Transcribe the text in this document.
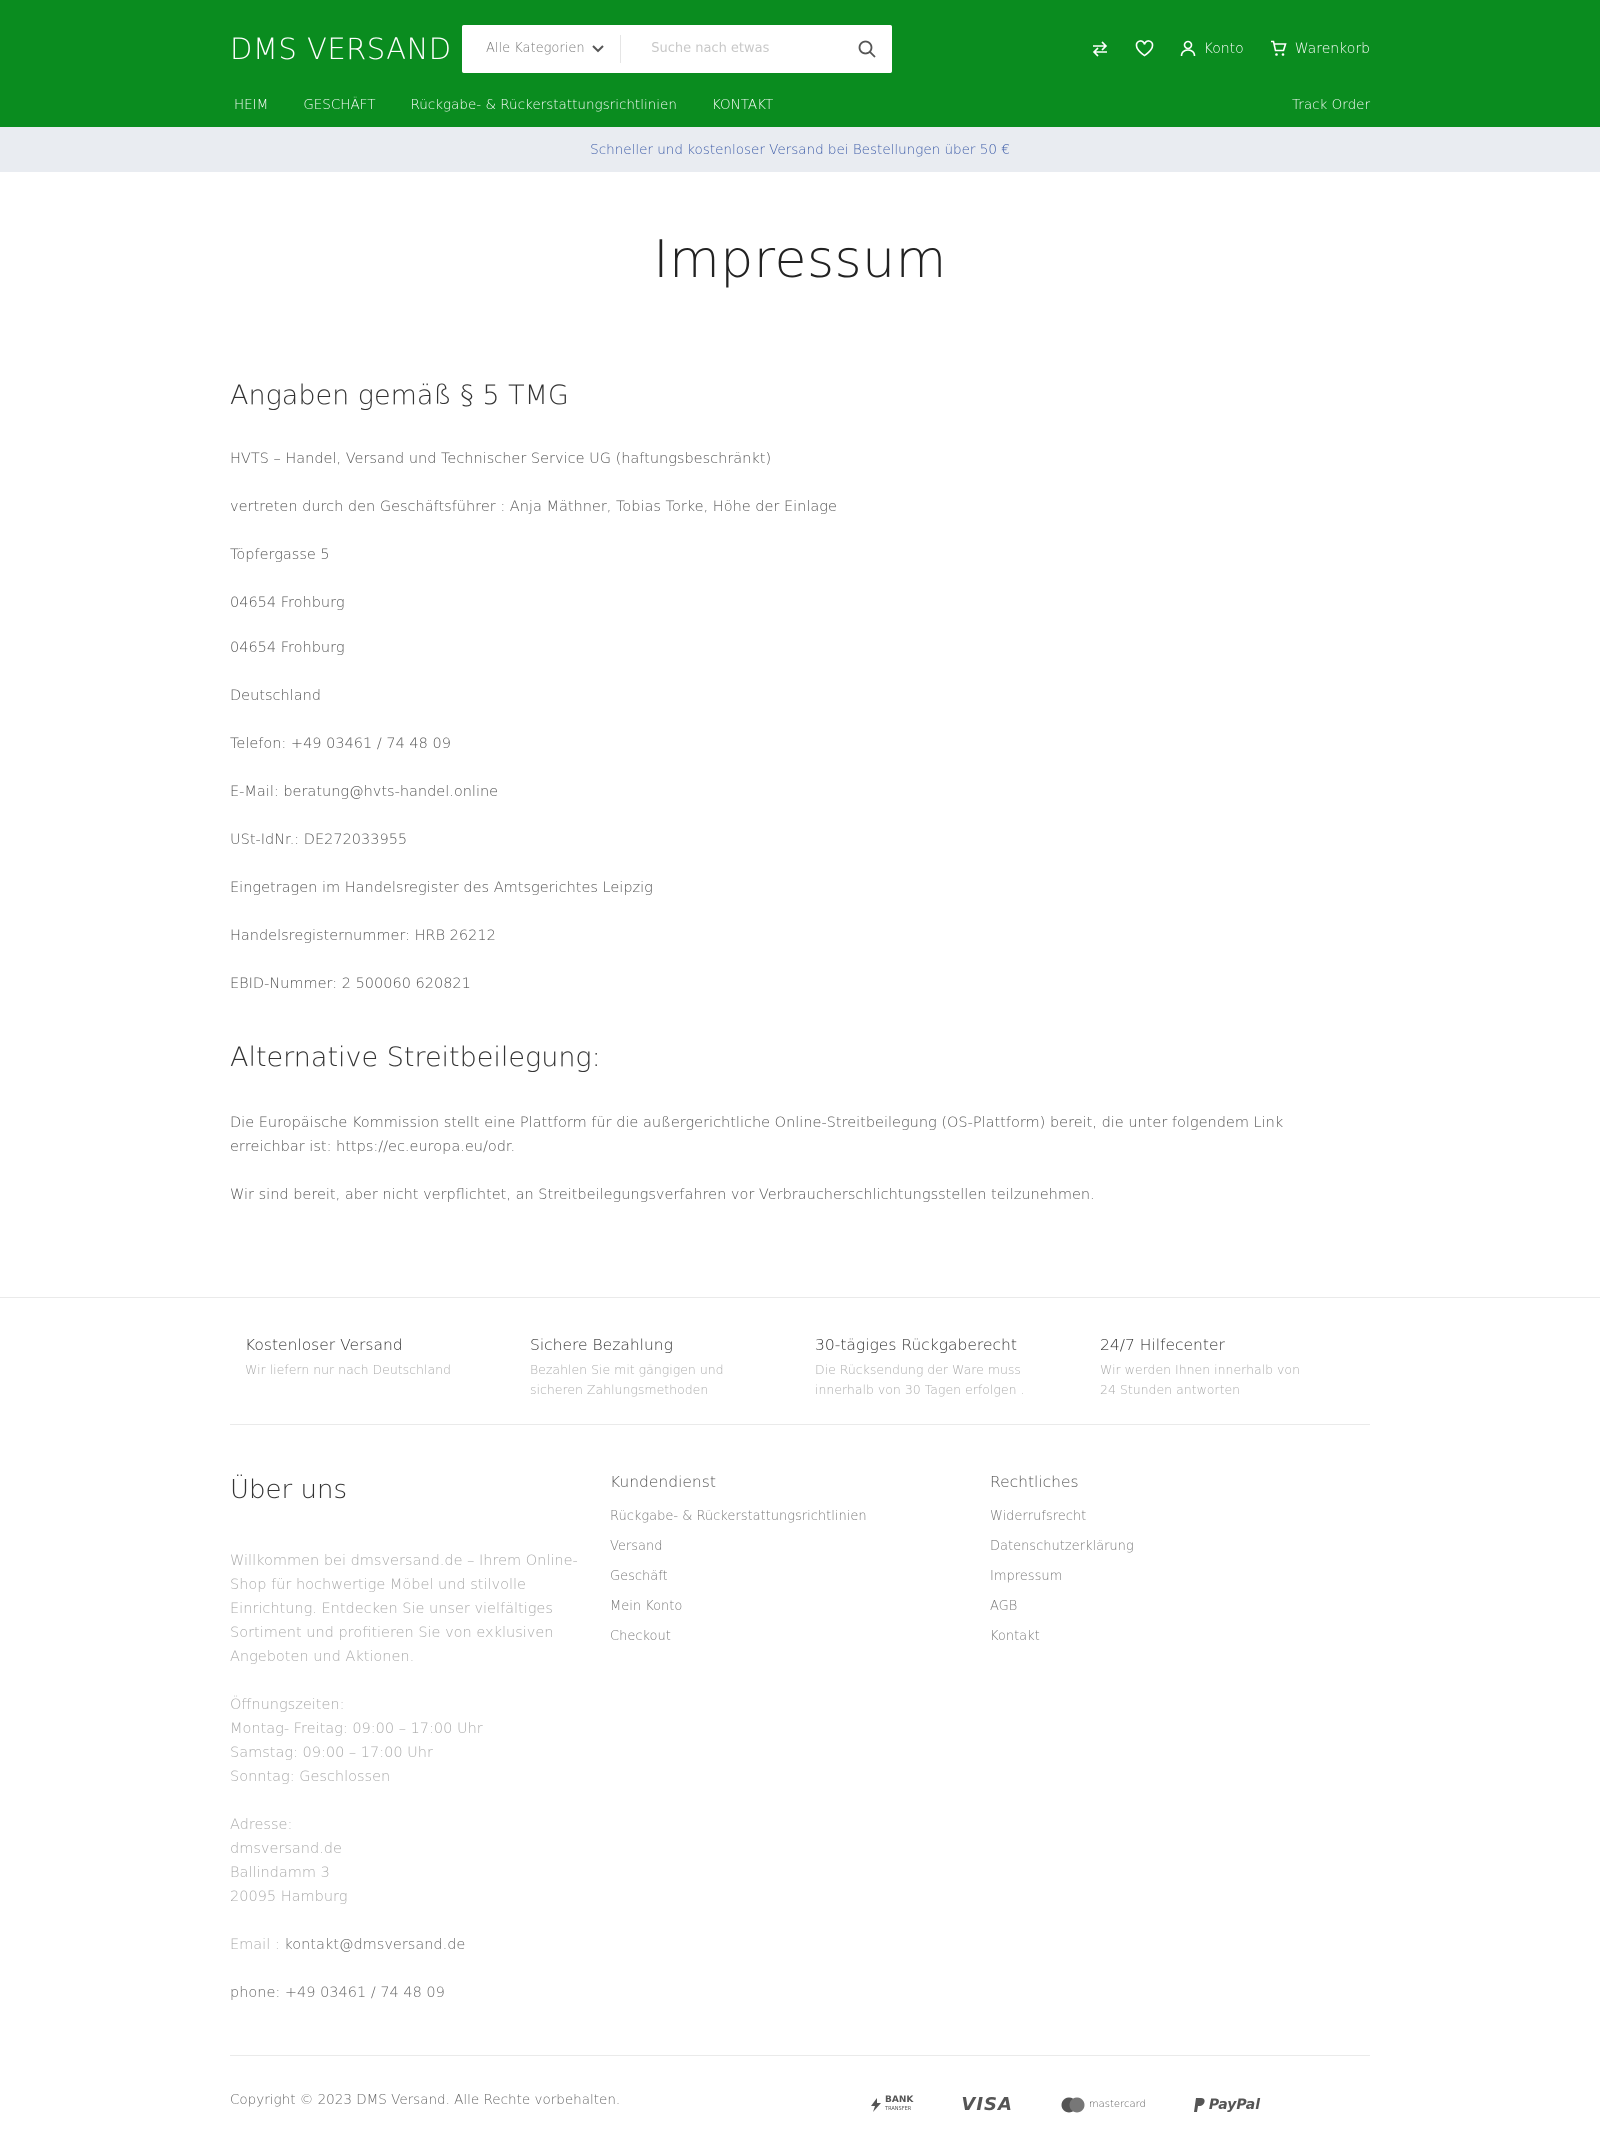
DMS VERSAND	Alle Kategorien
Suche nach etwas	Konto	Warenkorb
HEIM	GESCHÄFT	Rückgabe- & Rückerstattungsrichtlinien	KONTAKT	Track Order
Schneller und kostenloser Versand bei Bestellungen über 50 €
Impressum
Angaben gemäß § 5 TMG

HVTS – Handel, Versand und Technischer Service UG (haftungsbeschränkt)

vertreten durch den Geschäftsführer : Anja Mäthner, Tobias Torke, Höhe der Einlage

Töpfergasse 5

04654 Frohburg

04654 Frohburg

Deutschland

Telefon: +49 03461 / 74 48 09

E-Mail: beratung@hvts-handel.online

USt-IdNr.: DE272033955

Eingetragen im Handelsregister des Amtsgerichtes Leipzig

Handelsregisternummer: HRB 26212

EBID-Nummer: 2 500060 620821

Alternative Streitbeilegung:

Die Europäische Kommission stellt eine Plattform für die außergerichtliche Online-Streitbeilegung (OS-Plattform) bereit, die unter folgendem Link erreichbar ist: https://ec.europa.eu/odr.

Wir sind bereit, aber nicht verpflichtet, an Streitbeilegungsverfahren vor Verbraucherschlichtungsstellen teilzunehmen.

Kostenloser Versand
Wir liefern nur nach Deutschland
Sichere Bezahlung
Bezahlen Sie mit gängigen und sicheren Zahlungsmethoden
30-tägiges Rückgaberecht
Die Rücksendung der Ware muss innerhalb von 30 Tagen erfolgen .
24/7 Hilfecenter
Wir werden Ihnen innerhalb von 24 Stunden antworten
Über uns
Willkommen bei dmsversand.de – Ihrem Online-Shop für hochwertige Möbel und stilvolle Einrichtung. Entdecken Sie unser vielfältiges Sortiment und profitieren Sie von exklusiven Angeboten und Aktionen.
Öffnungszeiten:
Montag- Freitag: 09:00 – 17:00 Uhr
Samstag: 09:00 – 17:00 Uhr
Sonntag: Geschlossen
Adresse:
dmsversand.de
Ballindamm 3
20095 Hamburg
Email : kontakt@dmsversand.de
phone: +49 03461 / 74 48 09
Kundendienst
Rückgabe- & Rückerstattungsrichtlinien
Versand
Geschäft
Mein Konto
Checkout
Rechtliches
Widerrufsrecht
Datenschutzerklärung
Impressum
AGB
Kontakt
Copyright © 2023 DMS Versand. Alle Rechte vorbehalten.	BANK
TRANSFER	VISA	mastercard	PayPal
